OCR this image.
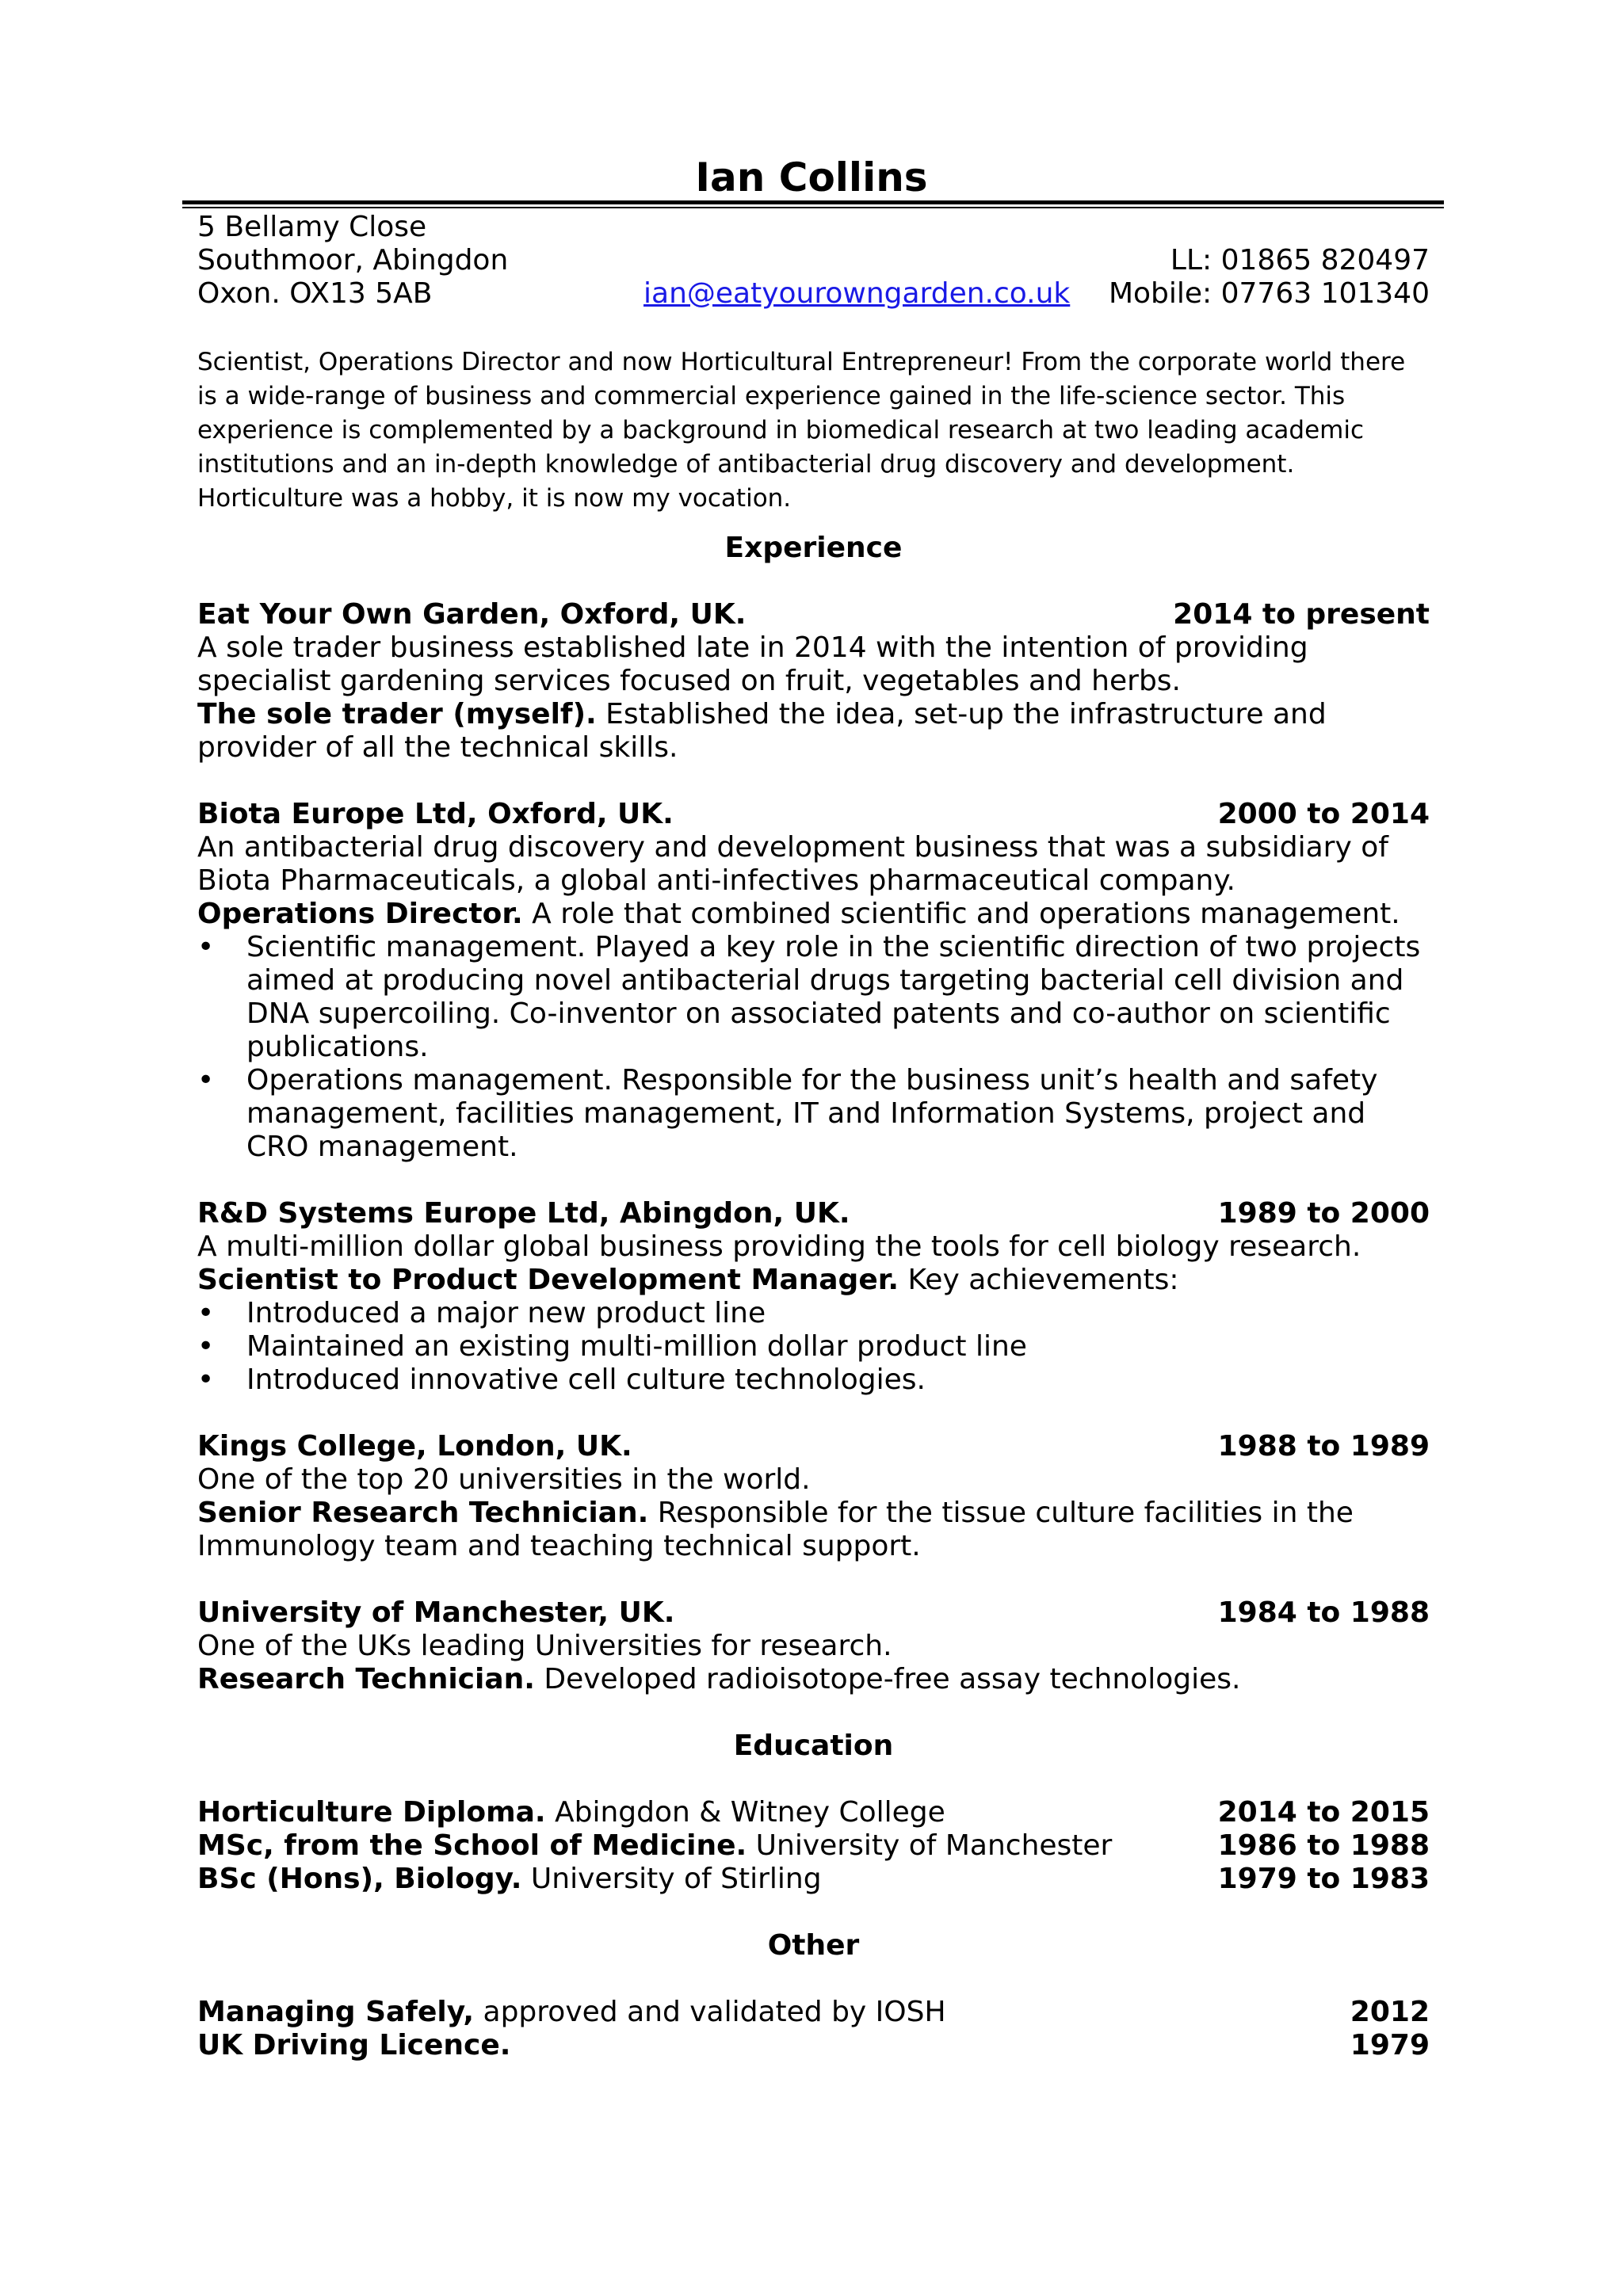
Ian Collins
5 Bellamy Close
Southmoor, Abingdon	LL: 01865 820497
Oxon. OX13 5AB	ian@eatyourowngarden.co.uk Mobile: 07763 101340

Scientist, Operations Director and now Horticultural Entrepreneur! From the corporate world there is a wide-range of business and commercial experience gained in the life-science sector. This experience is complemented by a background in biomedical research at two leading academic institutions and an in-depth knowledge of antibacterial drug discovery and development. Horticulture was a hobby, it is now my vocation.

Experience
Eat Your Own Garden, Oxford, UK.	2014 to present

A sole trader business established late in 2014 with the intention of providing specialist gardening services focused on fruit, vegetables and herbs.

The sole trader (myself). Established the idea, set-up the infrastructure and provider of all the technical skills.

Biota Europe Ltd, Oxford, UK.	2000 to 2014

An antibacterial drug discovery and development business that was a subsidiary of Biota Pharmaceuticals, a global anti-infectives pharmaceutical company.

Operations Director. A role that combined scientific and operations management.

• Scientific management. Played a key role in the scientific direction of two projects aimed at producing novel antibacterial drugs targeting bacterial cell division and DNA supercoiling. Co-inventor on associated patents and co-author on scientific publications.
• Operations management. Responsible for the business unit’s health and safety management, facilities management, IT and Information Systems, project and CRO management.
R&D Systems Europe Ltd, Abingdon, UK.	1989 to 2000

A multi-million dollar global business providing the tools for cell biology research.

Scientist to Product Development Manager. Key achievements:

• Introduced a major new product line
• Maintained an existing multi-million dollar product line
• Introduced innovative cell culture technologies.
Kings College, London, UK.	1988 to 1989

One of the top 20 universities in the world.

Senior Research Technician. Responsible for the tissue culture facilities in the Immunology team and teaching technical support.

University of Manchester, UK.	1984 to 1988

One of the UKs leading Universities for research.

Research Technician. Developed radioisotope-free assay technologies.

Education
Horticulture Diploma. Abingdon & Witney College	2014 to 2015
MSc, from the School of Medicine. University of Manchester	1986 to 1988
BSc (Hons), Biology. University of Stirling	1979 to 1983
Other
Managing Safely, approved and validated by IOSH	2012
UK Driving Licence.	1979
